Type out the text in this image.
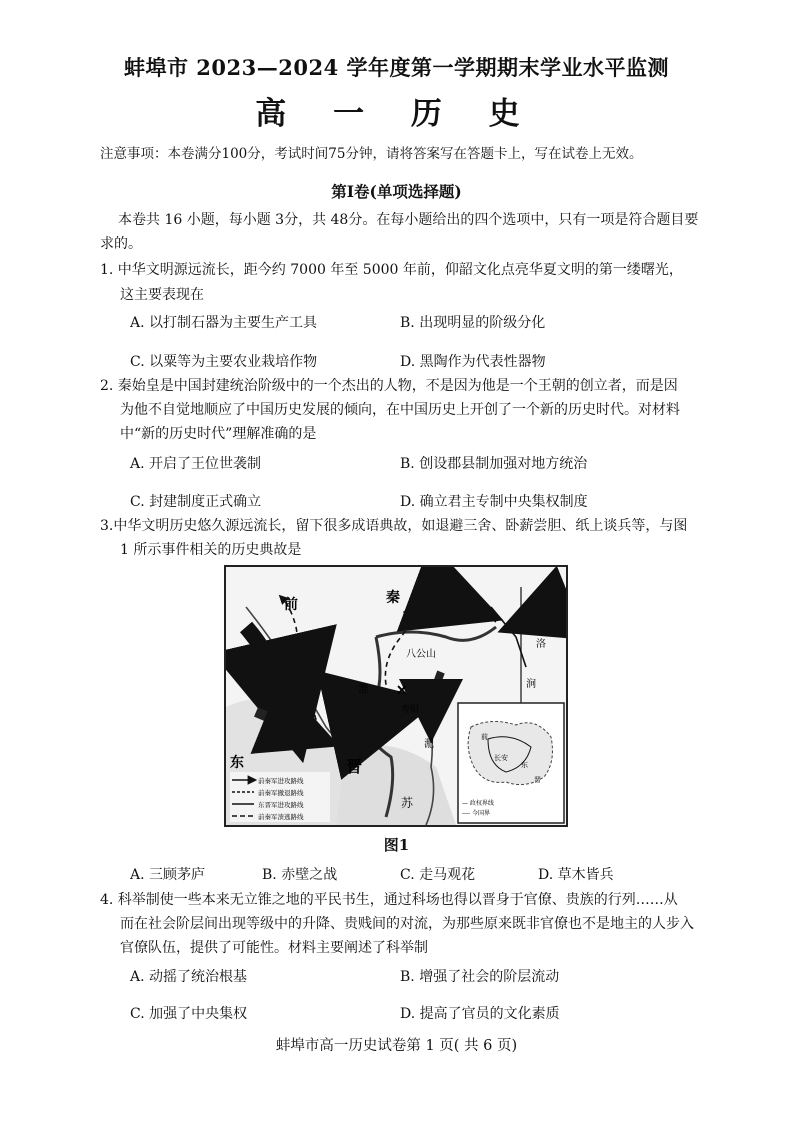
蚌埠市 2023—2024 学年度第一学期期末学业水平监测
高 一 历 史
注意事项：本卷满分100分，考试时间75分钟，请将答案写在答题卡上，写在试卷上无效。
第Ⅰ卷(单项选择题)
本卷共 16 小题，每小题 3分，共 48分。在每小题给出的四个选项中，只有一项是符合题目要
求的。
1. 中华文明源远流长，距今约 7000 年至 5000 年前，仰韶文化点亮华夏文明的第一缕曙光，
这主要表现在
A. 以打制石器为主要生产工具	B. 出现明显的阶级分化
C. 以粟等为主要农业栽培作物	D. 黑陶作为代表性器物
2. 秦始皇是中国封建统治阶级中的一个杰出的人物，不是因为他是一个王朝的创立者，而是因
为他不自觉地顺应了中国历史发展的倾向，在中国历史上开创了一个新的历史时代。对材料
中“新的历史时代”理解准确的是
A. 开启了王位世袭制	B. 创设郡县制加强对地方统治
C. 封建制度正式确立	D. 确立君主专制中央集权制度
3.中华文明历史悠久源远流长，留下很多成语典故，如退避三舍、卧薪尝胆、纸上谈兵等，与图
1 所示事件相关的历史典故是
✕
前	秦
东	晋
八公山
淮
寿阳
淝
洛
涧
苏
前秦军进攻路线
前秦军撤退路线
东晋军进攻路线
前秦军溃逃路线
前
长安
东
晋
— 政权界线
---- 今国界
图1
A. 三顾茅庐	B. 赤壁之战	C. 走马观花	D. 草木皆兵
4. 科举制使一些本来无立锥之地的平民书生，通过科场也得以晋身于官僚、贵族的行列……从
而在社会阶层间出现等级中的升降、贵贱间的对流，为那些原来既非官僚也不是地主的人步入
官僚队伍，提供了可能性。材料主要阐述了科举制
A. 动摇了统治根基	B. 增强了社会的阶层流动
C. 加强了中央集权	D. 提高了官员的文化素质
蚌埠市高一历史试卷第 1 页( 共 6 页)
